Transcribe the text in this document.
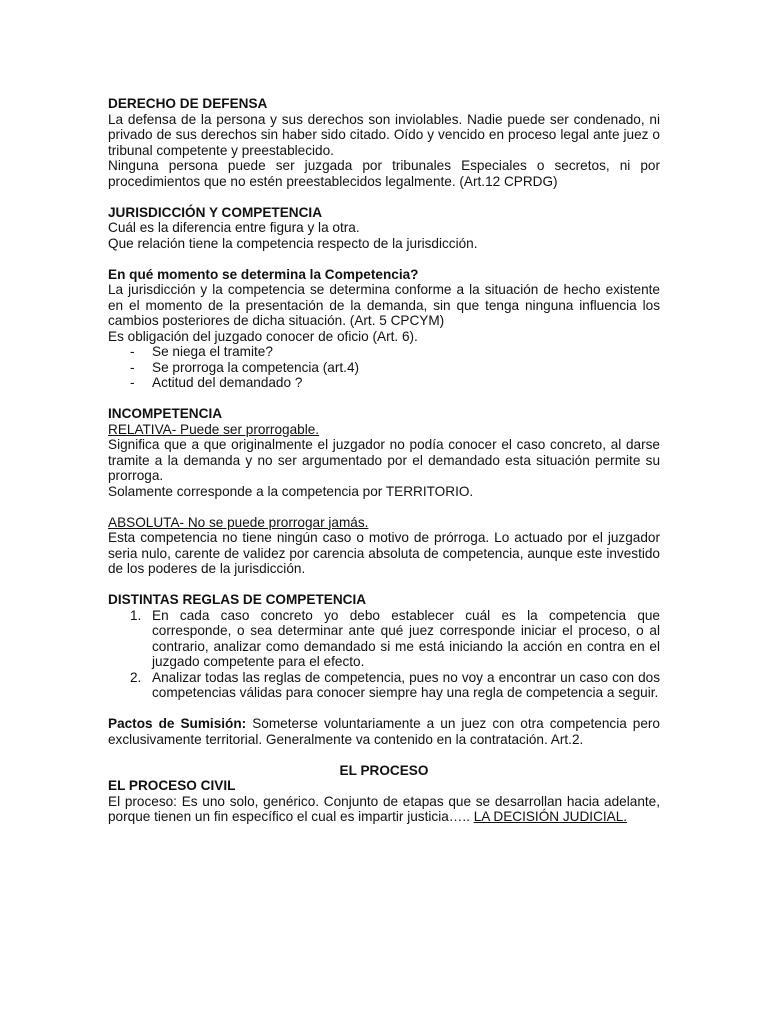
DERECHO DE DEFENSA

La defensa de la persona y sus derechos son inviolables. Nadie puede ser condenado, ni privado de sus derechos sin haber sido citado. Oído y vencido en proceso legal ante juez o tribunal competente y preestablecido.

Ninguna persona puede ser juzgada por tribunales Especiales o secretos, ni por procedimientos que no estén preestablecidos legalmente. (Art.12 CPRDG)

JURISDICCIÓN Y COMPETENCIA

Cuál es la diferencia entre figura y la otra.

Que relación tiene la competencia respecto de la jurisdicción.

En qué momento se determina la Competencia?

La jurisdicción y la competencia se determina conforme a la situación de hecho existente en el momento de la presentación de la demanda, sin que tenga ninguna influencia los cambios posteriores de dicha situación. (Art. 5 CPCYM)

Es obligación del juzgado conocer de oficio (Art. 6).

- Se niega el tramite?
- Se prorroga la competencia (art.4)
- Actitud del demandado ?
INCOMPETENCIA

RELATIVA- Puede ser prorrogable.

Significa que a que originalmente el juzgador no podía conocer el caso concreto, al darse tramite a la demanda y no ser argumentado por el demandado esta situación permite su prorroga.

Solamente corresponde a la competencia por TERRITORIO.

ABSOLUTA- No se puede prorrogar jamás.

Esta competencia no tiene ningún caso o motivo de prórroga. Lo actuado por el juzgador seria nulo, carente de validez por carencia absoluta de competencia, aunque este investido de los poderes de la jurisdicción.

DISTINTAS REGLAS DE COMPETENCIA
1. En cada caso concreto yo debo establecer cuál es la competencia que corresponde, o sea determinar ante qué juez corresponde iniciar el proceso, o al contrario, analizar como demandado si me está iniciando la acción en contra en el juzgado competente para el efecto.
2. Analizar todas las reglas de competencia, pues no voy a encontrar un caso con dos competencias válidas para conocer siempre hay una regla de competencia a seguir.

Pactos de Sumisión: Someterse voluntariamente a un juez con otra competencia pero exclusivamente territorial. Generalmente va contenido en la contratación. Art.2.

EL PROCESO
EL PROCESO CIVIL

El proceso: Es uno solo, genérico. Conjunto de etapas que se desarrollan hacia adelante, porque tienen un fin específico el cual es impartir justicia….. LA DECISIÓN JUDICIAL.
